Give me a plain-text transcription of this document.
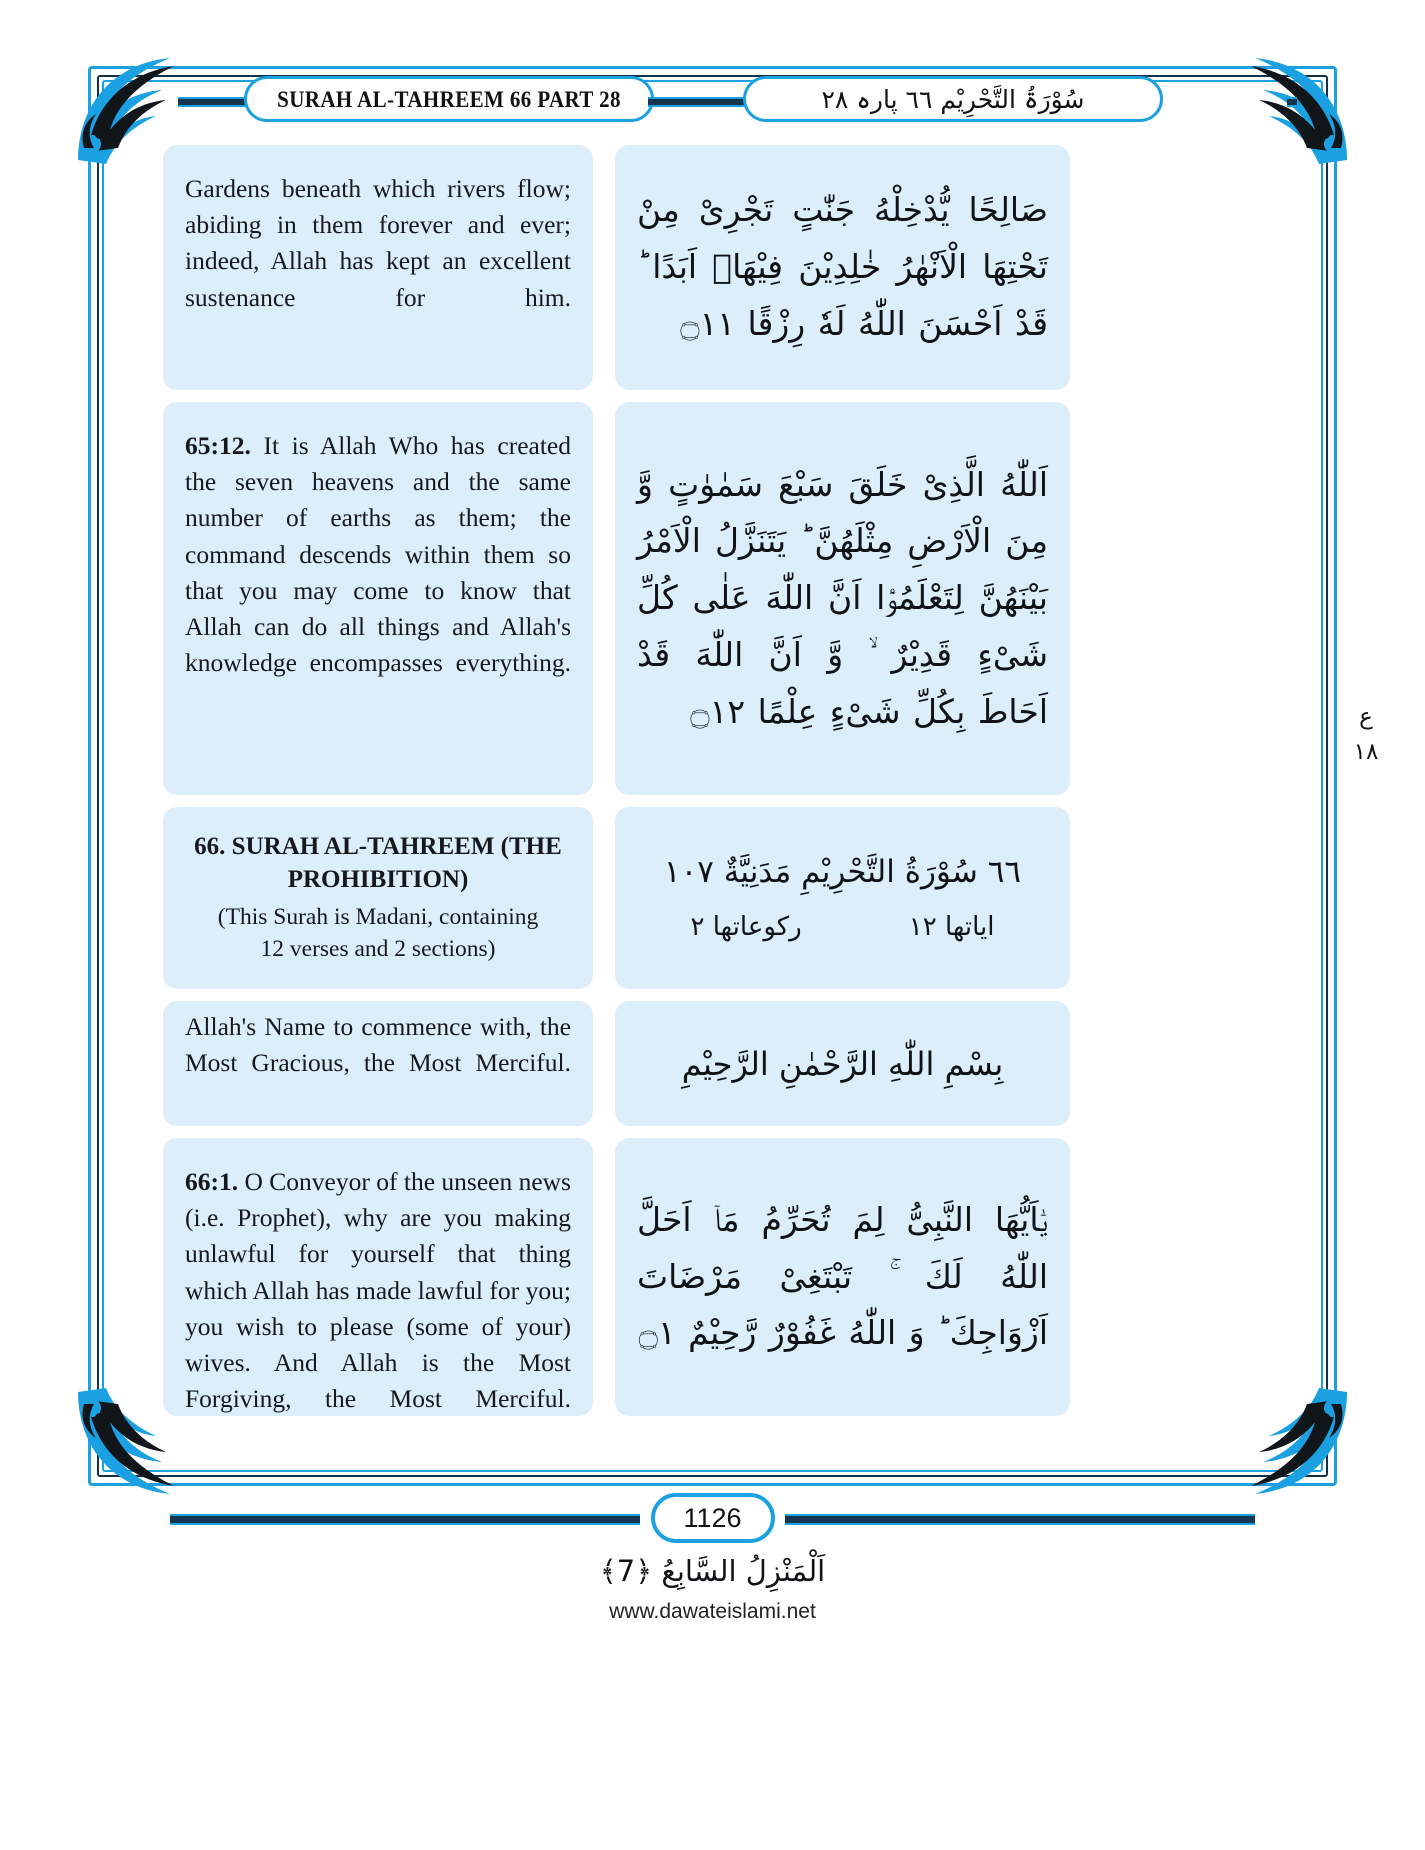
SURAH AL-TAHREEM 66 PART 28	سُوْرَۃُ التَّحْرِیْم ٦٦ پارہ ٢٨
Gardens beneath which rivers flow; abiding in them forever and ever; indeed, Allah has kept an excellent sustenance for him.
صَالِحًا یُّدْخِلْهُ جَنّٰتٍ تَجْرِیْ مِنْ تَحْتِهَا الْاَنْهٰرُ خٰلِدِیْنَ فِیْهَاۤ اَبَدًا ؕ قَدْ اَحْسَنَ اللّٰهُ لَهٗ رِزْقًا ۝١١
65:12. It is Allah Who has created the seven heavens and the same number of earths as them; the command descends within them so that you may come to know that Allah can do all things and Allah's knowledge encompasses everything.
اَللّٰهُ الَّذِیْ خَلَقَ سَبْعَ سَمٰوٰتٍ وَّ مِنَ الْاَرْضِ مِثْلَهُنَّ ؕ یَتَنَزَّلُ الْاَمْرُ بَیْنَهُنَّ لِتَعْلَمُوْۤا اَنَّ اللّٰهَ عَلٰى كُلِّ شَیْءٍ قَدِیْرٌ ۙ وَّ اَنَّ اللّٰهَ قَدْ اَحَاطَ بِكُلِّ شَیْءٍ عِلْمًا ۝١٢
66. SURAH AL-TAHREEM (THE
PROHIBITION)
(This Surah is Madani, containing
12 verses and 2 sections)
٦٦ سُوْرَةُ التَّحْرِیْمِ مَدَنِیَّةٌ ١٠٧
ایاتها ١٢
ركوعاتها ٢
Allah's Name to commence with, the Most Gracious, the Most Merciful.	بِسْمِ اللّٰهِ الرَّحْمٰنِ الرَّحِیْمِ
66:1. O Conveyor of the unseen news (i.e. Prophet), why are you making unlawful for yourself that thing which Allah has made lawful for you; you wish to please (some of your) wives. And Allah is the Most Forgiving, the Most Merciful.
یٰۤاَیُّهَا النَّبِیُّ لِمَ تُحَرِّمُ مَاۤ اَحَلَّ اللّٰهُ لَكَ ۚ تَبْتَغِیْ مَرْضَاتَ اَزْوَاجِكَ ؕ وَ اللّٰهُ غَفُوْرٌ رَّحِیْمٌ ۝١
ع
١٨
1126
اَلْمَنْزِلُ السَّابِعُ ﴿7﴾
www.dawateislami.net
